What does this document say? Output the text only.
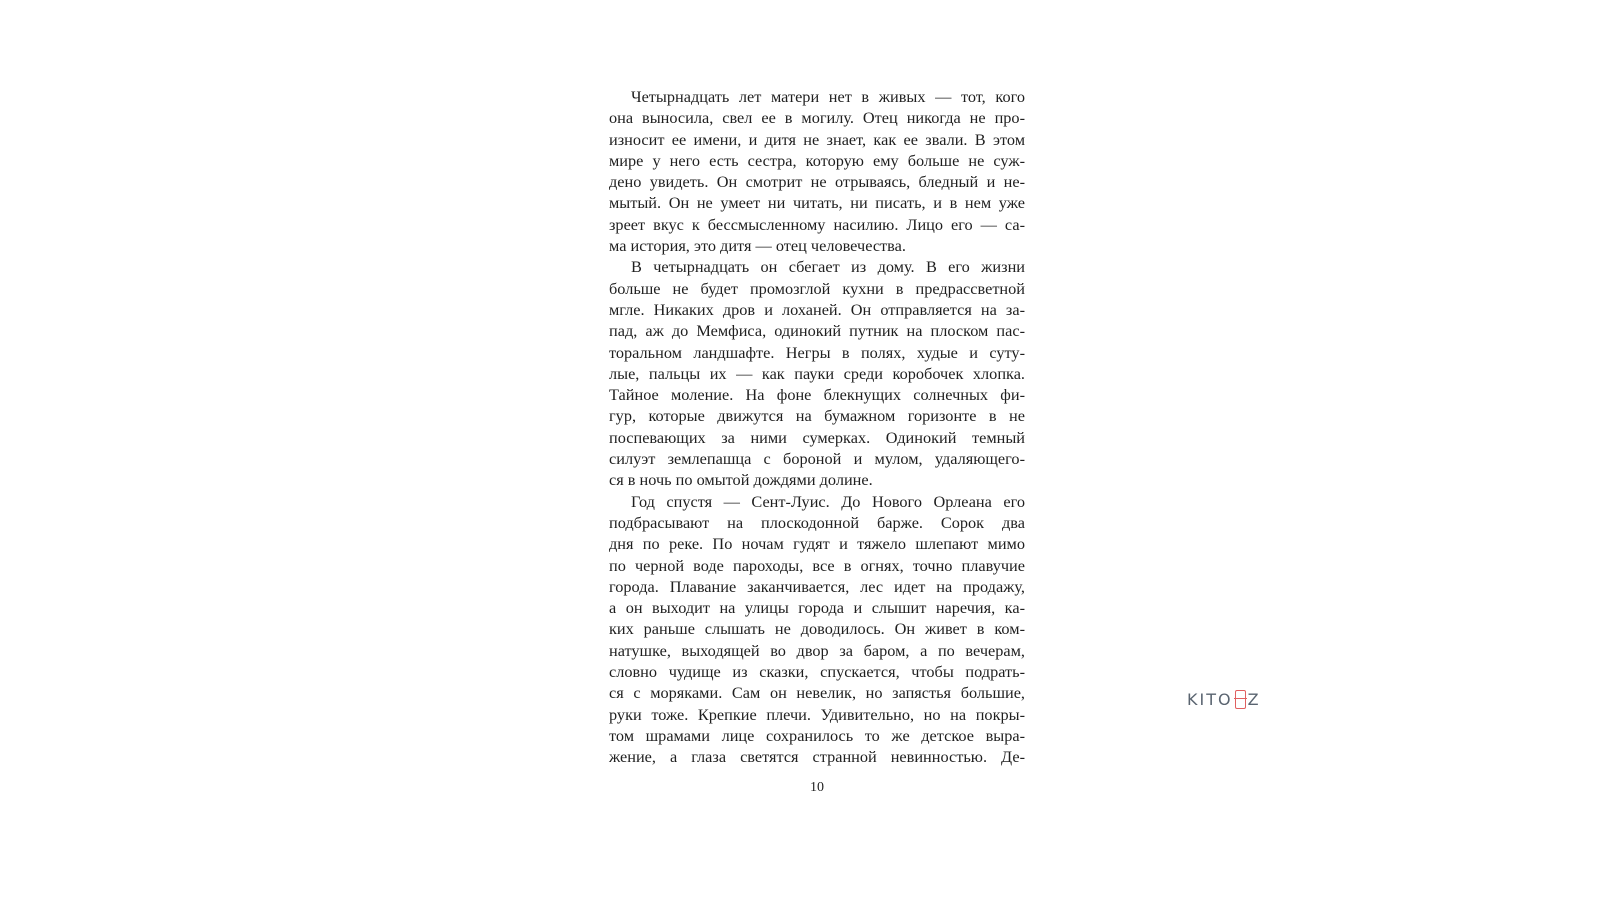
Четырнадцать лет матери нет в живых — тот, кого
она выносила, свел ее в могилу. Отец никогда не про-
износит ее имени, и дитя не знает, как ее звали. В этом
мире у него есть сестра, которую ему больше не суж-
дено увидеть. Он смотрит не отрываясь, бледный и не-
мытый. Он не умеет ни читать, ни писать, и в нем уже
зреет вкус к бессмысленному насилию. Лицо его — са-
ма история, это дитя — отец человечества.

В четырнадцать он сбегает из дому. В его жизни
больше не будет промозглой кухни в предрассветной
мгле. Никаких дров и лоханей. Он отправляется на за-
пад, аж до Мемфиса, одинокий путник на плоском пас-
торальном ландшафте. Негры в полях, худые и суту-
лые, пальцы их — как пауки среди коробочек хлопка.
Тайное моление. На фоне блекнущих солнечных фи-
гур, которые движутся на бумажном горизонте в не
поспевающих за ними сумерках. Одинокий темный
силуэт землепашца с бороной и мулом, удаляющего-
ся в ночь по омытой дождями долине.

Год спустя — Сент-Луис. До Нового Орлеана его
подбрасывают на плоскодонной барже. Сорок два
дня по реке. По ночам гудят и тяжело шлепают мимо
по черной воде пароходы, все в огнях, точно плавучие
города. Плавание заканчивается, лес идет на продажу,
а он выходит на улицы города и слышит наречия, ка-
ких раньше слышать не доводилось. Он живет в ком-
натушке, выходящей во двор за баром, а по вечерам,
словно чудище из сказки, спускается, чтобы подрать-
ся с моряками. Сам он невелик, но запястья большие,
руки тоже. Крепкие плечи. Удивительно, но на покры-
том шрамами лице сохранилось то же детское выра-
жение, а глаза светятся странной невинностью. Де-

10
KITO Z
